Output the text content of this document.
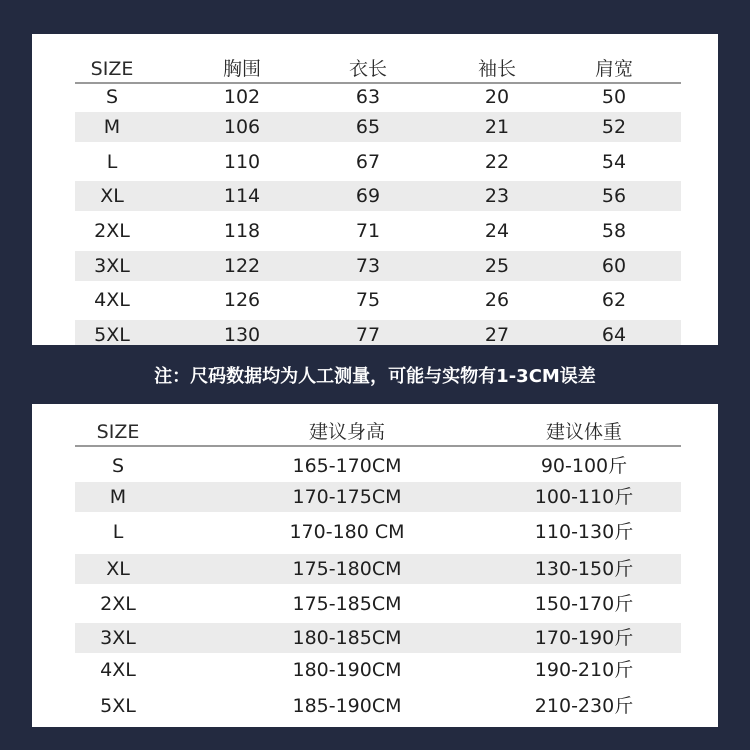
SIZE	胸围	衣长	袖长	肩宽
S	102	63	20	50
M	106	65	21	52
L	110	67	22	54
XL	114	69	23	56
2XL	118	71	24	58
3XL	122	73	25	60
4XL	126	75	26	62
5XL	130	77	27	64
注：尺码数据均为人工测量，可能与实物有1-3CM误差
SIZE	建议身高	建议体重
S	165-170CM	90-100斤
M	170-175CM	100-110斤
L	170-180 CM	110-130斤
XL	175-180CM	130-150斤
2XL	175-185CM	150-170斤
3XL	180-185CM	170-190斤
4XL	180-190CM	190-210斤
5XL	185-190CM	210-230斤
